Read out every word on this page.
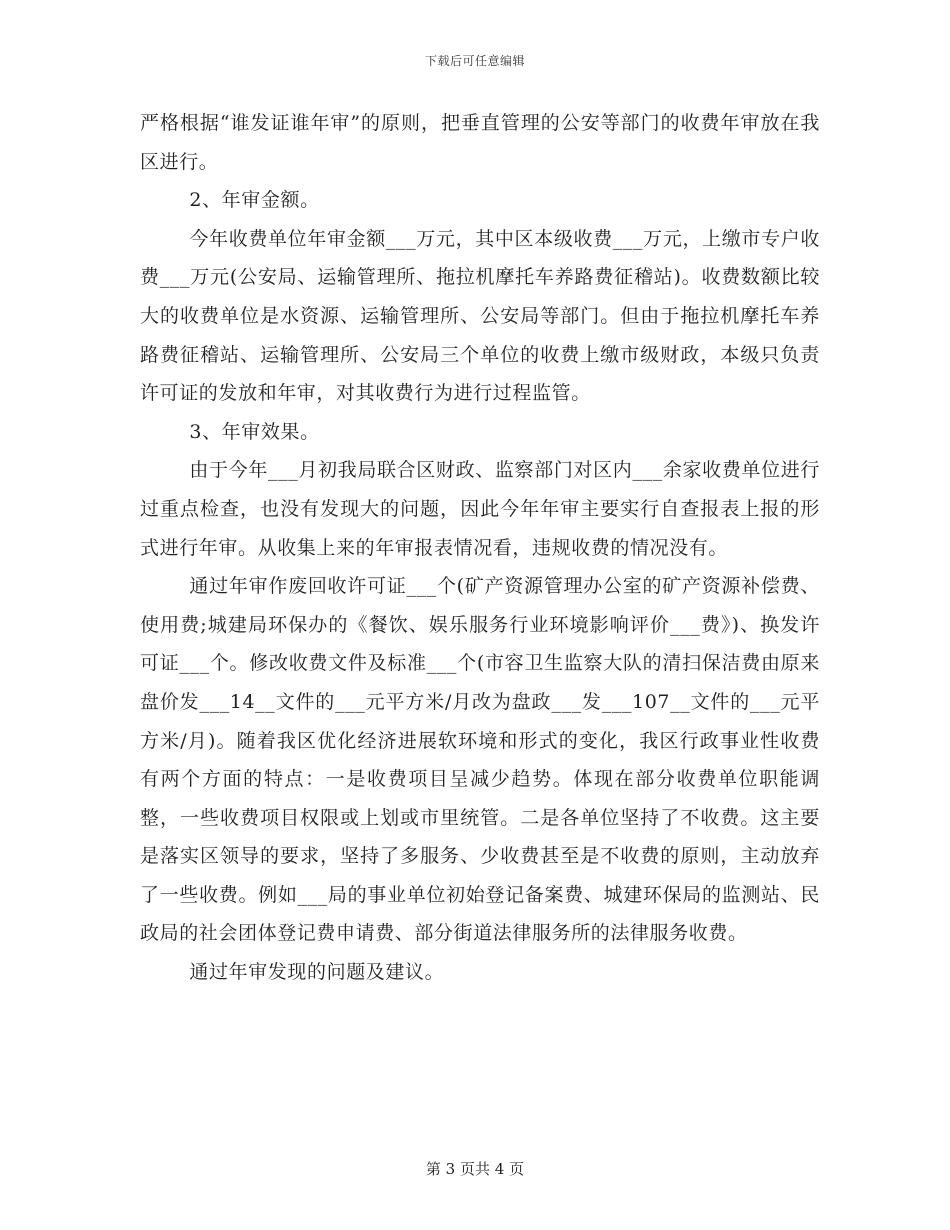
下载后可任意编辑

严格根据“谁发证谁年审”的原则，把垂直管理的公安等部门的收费年审放在我区进行。

2、年审金额。

今年收费单位年审金额___万元，其中区本级收费___万元，上缴市专户收费___万元(公安局、运输管理所、拖拉机摩托车养路费征稽站)。收费数额比较大的收费单位是水资源、运输管理所、公安局等部门。但由于拖拉机摩托车养路费征稽站、运输管理所、公安局三个单位的收费上缴市级财政，本级只负责许可证的发放和年审，对其收费行为进行过程监管。

3、年审效果。

由于今年___月初我局联合区财政、监察部门对区内___余家收费单位进行过重点检查，也没有发现大的问题，因此今年年审主要实行自查报表上报的形式进行年审。从收集上来的年审报表情况看，违规收费的情况没有。

通过年审作废回收许可证___个(矿产资源管理办公室的矿产资源补偿费、使用费;城建局环保办的《餐饮、娱乐服务行业环境影响评价___费》)、换发许可证___个。修改收费文件及标准___个(市容卫生监察大队的清扫保洁费由原来盘价发___14__文件的___元平方米/月改为盘政___发___107__文件的___元平方米/月)。随着我区优化经济进展软环境和形式的变化，我区行政事业性收费有两个方面的特点：一是收费项目呈减少趋势。体现在部分收费单位职能调整，一些收费项目权限或上划或市里统管。二是各单位坚持了不收费。这主要是落实区领导的要求，坚持了多服务、少收费甚至是不收费的原则，主动放弃了一些收费。例如___局的事业单位初始登记备案费、城建环保局的监测站、民政局的社会团体登记费申请费、部分街道法律服务所的法律服务收费。

通过年审发现的问题及建议。

第 3 页共 4 页
